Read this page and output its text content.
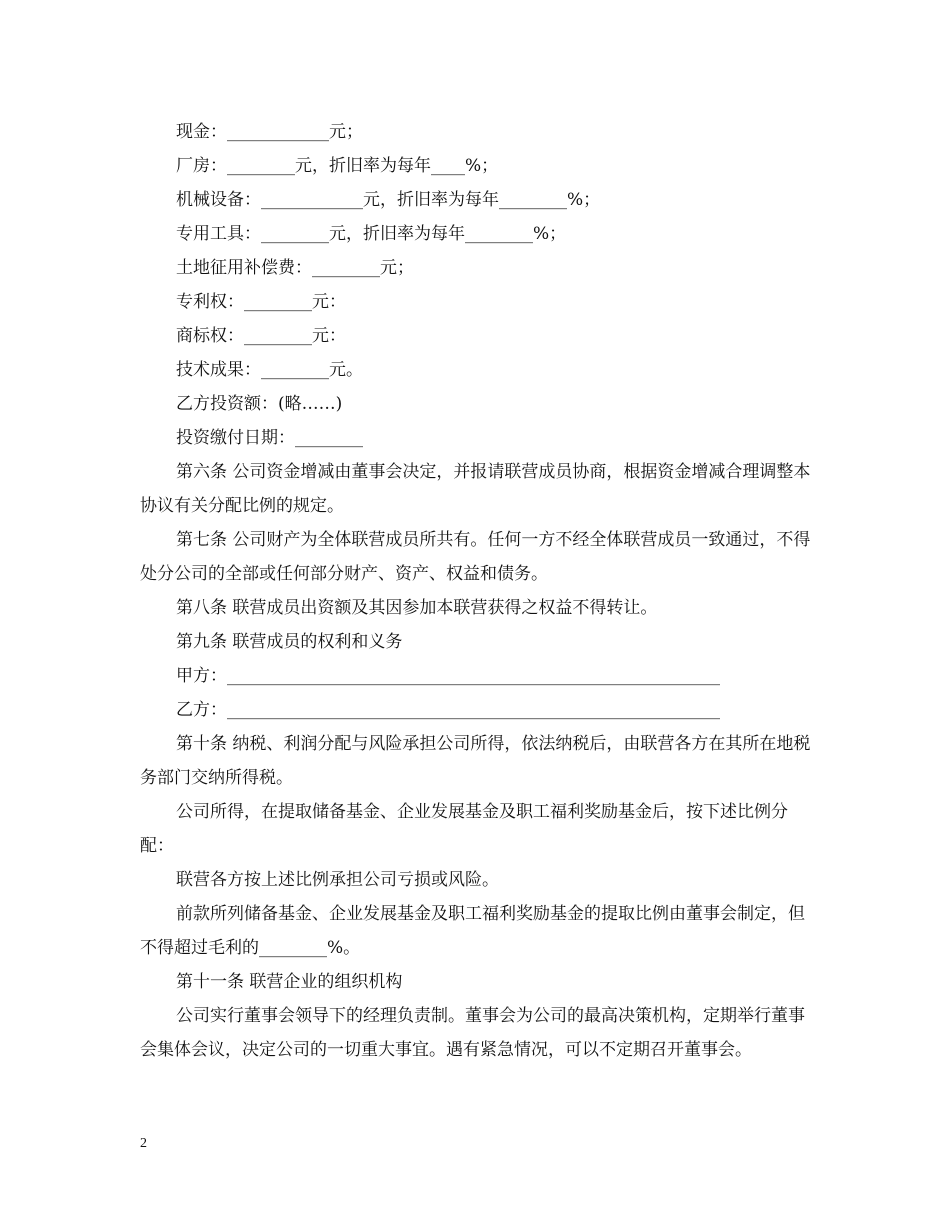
现金：____________元；
厂房：________元，折旧率为每年____%；
机械设备：____________元，折旧率为每年________%；
专用工具：________元，折旧率为每年________%；
土地征用补偿费：________元；
专利权：________元：
商标权：________元：
技术成果：________元。
乙方投资额：(略……)
投资缴付日期：________
第六条 公司资金增减由董事会决定，并报请联营成员协商，根据资金增减合理调整本协议有关分配比例的规定。
第七条 公司财产为全体联营成员所共有。任何一方不经全体联营成员一致通过，不得处分公司的全部或任何部分财产、资产、权益和债务。
第八条 联营成员出资额及其因参加本联营获得之权益不得转让。
第九条 联营成员的权利和义务
甲方：__________________________________________________________
乙方：__________________________________________________________
第十条 纳税、利润分配与风险承担公司所得，依法纳税后，由联营各方在其所在地税务部门交纳所得税。
公司所得，在提取储备基金、企业发展基金及职工福利奖励基金后，按下述比例分配：
联营各方按上述比例承担公司亏损或风险。
前款所列储备基金、企业发展基金及职工福利奖励基金的提取比例由董事会制定，但不得超过毛利的________%。
第十一条 联营企业的组织机构
公司实行董事会领导下的经理负责制。董事会为公司的最高决策机构，定期举行董事会集体会议，决定公司的一切重大事宜。遇有紧急情况，可以不定期召开董事会。
2
